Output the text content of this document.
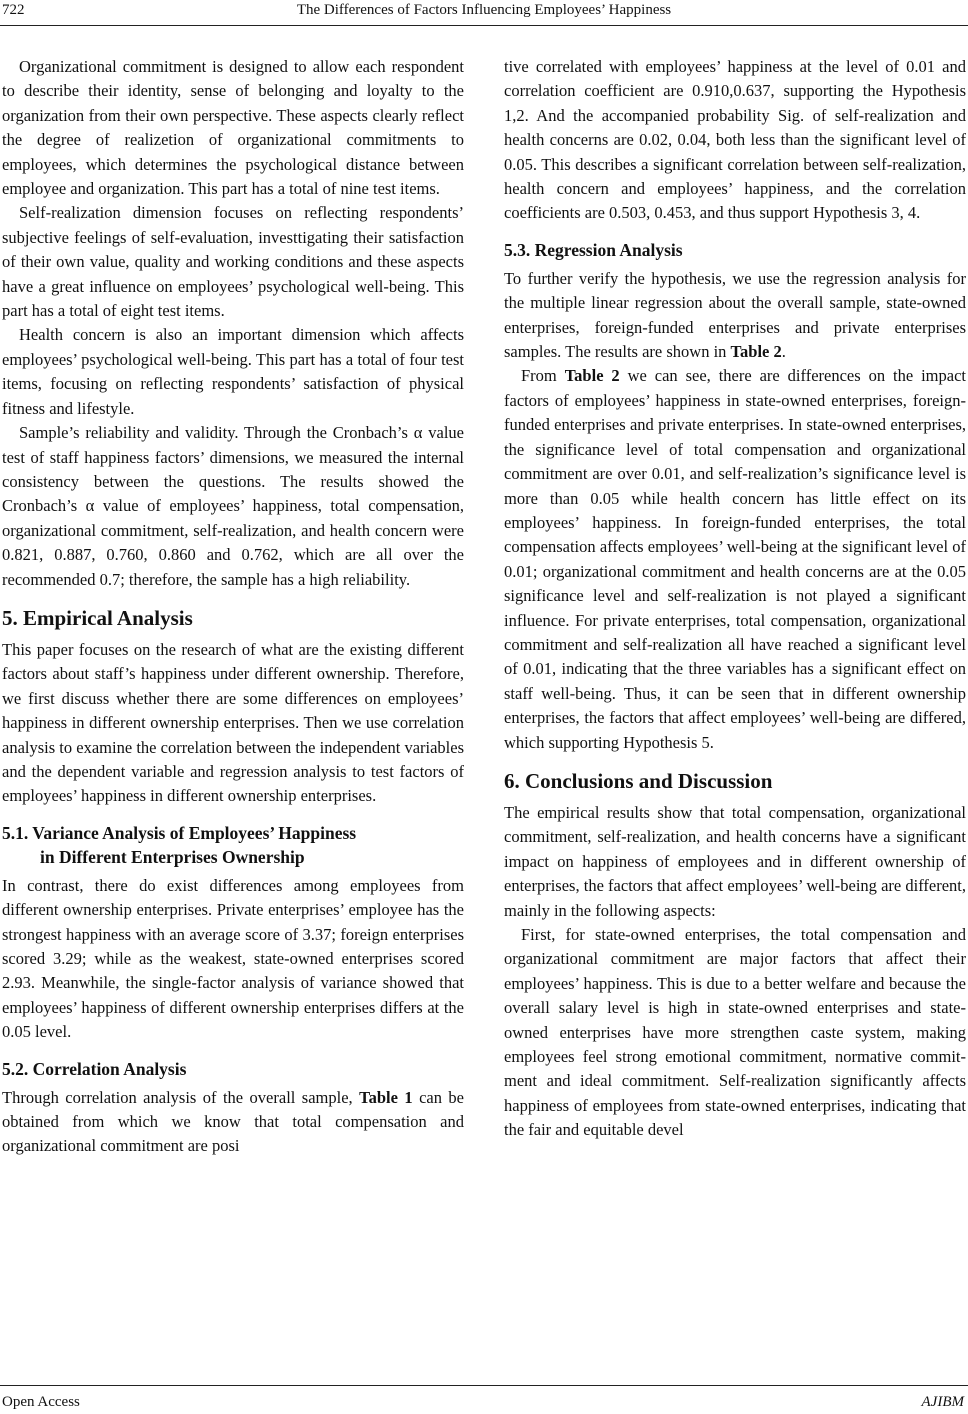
722	The Differences of Factors Influencing Employees’ Happiness

Organizational commitment is designed to allow each respondent to describe their identity, sense of belonging and loyalty to the organization from their own perspective. These aspects clearly reflect the degree of realizetion of organizational commitments to employees, which determines the psychological distance between employee and organization. This part has a total of nine test items.

Self-realization dimension focuses on reflecting respondents’ subjective feelings of self-evaluation, investtigating their satisfaction of their own value, quality and working conditions and these aspects have a great influence on employees’ psychological well-being. This part has a total of eight test items.

Health concern is also an important dimension which affects employees’ psychological well-being. This part has a total of four test items, focusing on reflecting respondents’ satisfaction of physical fitness and lifestyle.

Sample’s reliability and validity. Through the Cronbach’s α value test of staff happiness factors’ dimensions, we measured the internal consistency between the questions. The results showed the Cronbach’s α value of employees’ happiness, total compensation, organizational commitment, self-realization, and health concern were 0.821, 0.887, 0.760, 0.860 and 0.762, which are all over the recommended 0.7; therefore, the sample has a high reliability.

5. Empirical Analysis

This paper focuses on the research of what are the existing different factors about staff’s happiness under different ownership. Therefore, we first discuss whether there are some differences on employees’ happiness in different ownership enterprises. Then we use correlation analysis to examine the correlation between the independent variables and the dependent variable and regression analysis to test factors of employees’ happiness in different ownership enterprises.

5.1. Variance Analysis of Employees’ Happiness
in Different Enterprises Ownership

In contrast, there do exist differences among employees from different ownership enterprises. Private enterprises’ employee has the strongest happiness with an average score of 3.37; foreign enterprises scored 3.29; while as the weakest, state-owned enterprises scored 2.93. Meanwhile, the single-factor analysis of variance showed that employees’ happiness of different ownership enterprises differs at the 0.05 level.

5.2. Correlation Analysis

Through correlation analysis of the overall sample, Table 1 can be obtained from which we know that total compensation and organizational commitment are posi

tive correlated with employees’ happiness at the level of 0.01 and correlation coefficient are 0.910,0.637, supporting the Hypothesis 1,2. And the accompanied probability Sig. of self-realization and health concerns are 0.02, 0.04, both less than the significant level of 0.05. This describes a significant correlation between self-realization, health concern and employees’ happiness, and the correlation coefficients are 0.503, 0.453, and thus support Hypothesis 3, 4.

5.3. Regression Analysis

To further verify the hypothesis, we use the regression analysis for the multiple linear regression about the overall sample, state-owned enterprises, foreign-funded enterprises and private enterprises samples. The results are shown in Table 2.

From Table 2 we can see, there are differences on the impact factors of employees’ happiness in state-owned enterprises, foreign-funded enterprises and private enterprises. In state-owned enterprises, the significance level of total compensation and organizational commitment are over 0.01, and self-realization’s significance level is more than 0.05 while health concern has little effect on its employees’ happiness. In foreign-funded enterprises, the total compensation affects employees’ well-being at the significant level of 0.01; organizational commitment and health concerns are at the 0.05 significance level and self-realization is not played a significant influence. For private enterprises, total compensation, organizational commitment and self-realization all have reached a significant level of 0.01, indicating that the three variables has a significant effect on staff well-being. Thus, it can be seen that in different ownership enterprises, the factors that affect employees’ well-being are differed, which supporting Hypothesis 5.

6. Conclusions and Discussion

The empirical results show that total compensation, organizational commitment, self-realization, and health concerns have a significant impact on happiness of employees and in different ownership of enterprises, the factors that affect employees’ well-being are different, mainly in the following aspects:

First, for state-owned enterprises, the total compensation and organizational commitment are major factors that affect their employees’ happiness. This is due to a better welfare and because the overall salary level is high in state-owned enterprises and state-owned enterprises have more strengthen caste system, making employees feel strong emotional commitment, normative commitment and ideal commitment. Self-realization significantly affects happiness of employees from state-owned enterprises, indicating that the fair and equitable devel

Open Access	AJIBM
